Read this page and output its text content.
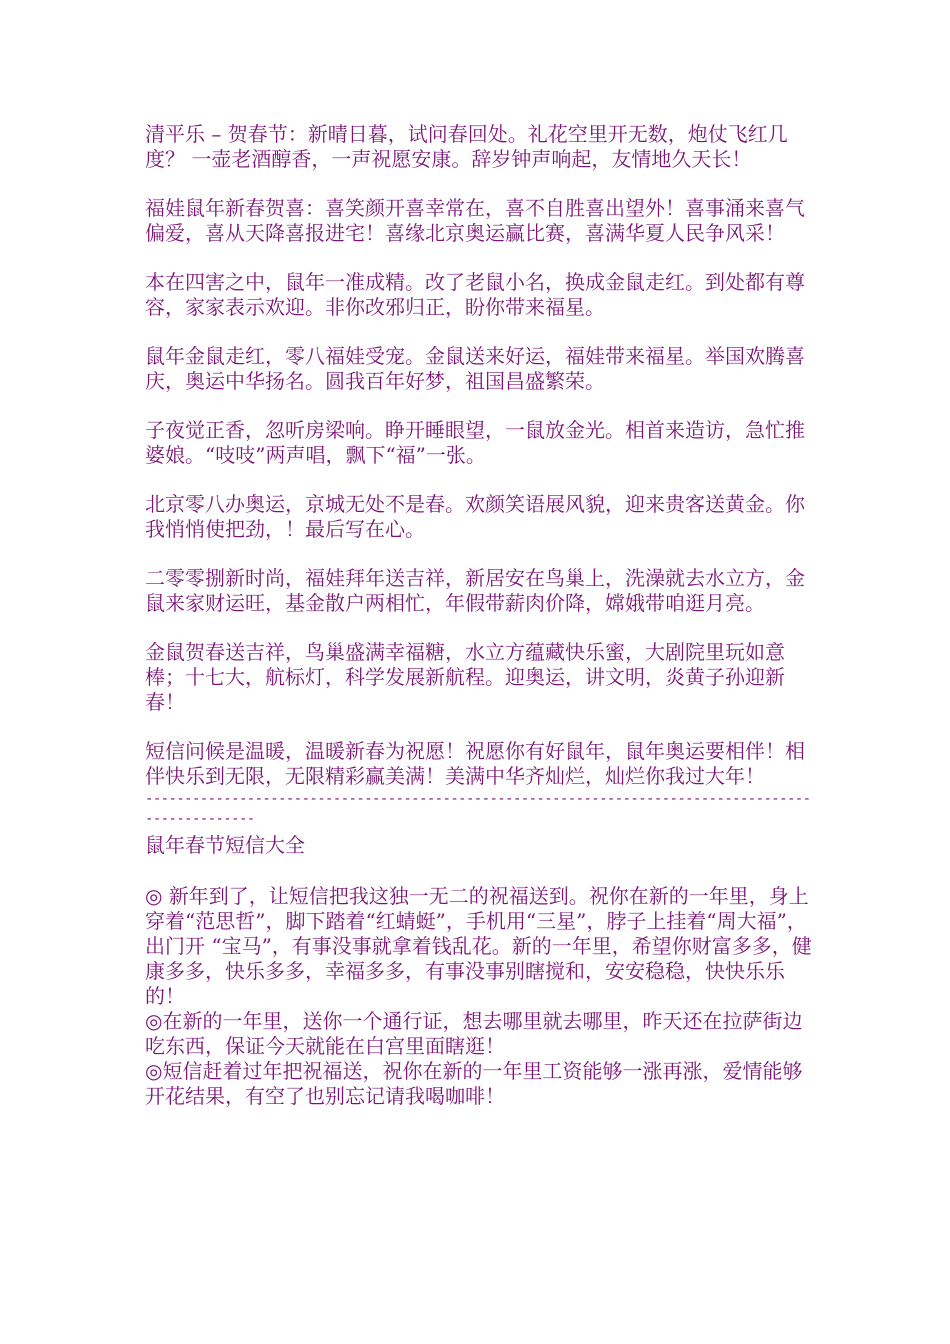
清平乐 – 贺春节：新晴日暮，试问春回处。礼花空里开无数，炮仗飞红几度？ 一壶老酒醇香，一声祝愿安康。辞岁钟声响起，友情地久天长！

福娃鼠年新春贺喜：喜笑颜开喜幸常在，喜不自胜喜出望外！喜事涌来喜气偏爱，喜从天降喜报进宅！喜缘北京奥运赢比赛，喜满华夏人民争风采！

本在四害之中，鼠年一准成精。改了老鼠小名，换成金鼠走红。到处都有尊容，家家表示欢迎。非你改邪归正，盼你带来福星。

鼠年金鼠走红，零八福娃受宠。金鼠送来好运，福娃带来福星。举国欢腾喜庆，奥运中华扬名。圆我百年好梦，祖国昌盛繁荣。

子夜觉正香，忽听房梁响。睁开睡眼望，一鼠放金光。相首来造访，急忙推婆娘。“吱吱”两声唱，飘下“福”一张。

北京零八办奥运，京城无处不是春。欢颜笑语展风貌，迎来贵客送黄金。你我悄悄使把劲，！最后写在心。

二零零捌新时尚，福娃拜年送吉祥，新居安在鸟巢上，洗澡就去水立方，金鼠来家财运旺，基金散户两相忙，年假带薪肉价降，嫦娥带咱逛月亮。

金鼠贺春送吉祥，鸟巢盛满幸福糖，水立方蕴藏快乐蜜，大剧院里玩如意棒；十七大，航标灯，科学发展新航程。迎奥运，讲文明，炎黄子孙迎新春！

短信问候是温暖，温暖新春为祝愿！祝愿你有好鼠年，鼠年奥运要相伴！相伴快乐到无限，无限精彩赢美满！美满中华齐灿烂，灿烂你我过大年！

---------------------------------------------------------------------------------------------------

鼠年春节短信大全

◎ 新年到了，让短信把我这独一无二的祝福送到。祝你在新的一年里，身上穿着“范思哲”，脚下踏着“红蜻蜓”，手机用“三星”，脖子上挂着“周大福”，出门开 “宝马”，有事没事就拿着钱乱花。新的一年里，希望你财富多多，健康多多，快乐多多，幸福多多，有事没事别瞎搅和，安安稳稳，快快乐乐的！

◎在新的一年里，送你一个通行证，想去哪里就去哪里，昨天还在拉萨街边吃东西，保证今天就能在白宫里面瞎逛！

◎短信赶着过年把祝福送，祝你在新的一年里工资能够一涨再涨，爱情能够开花结果，有空了也别忘记请我喝咖啡！
